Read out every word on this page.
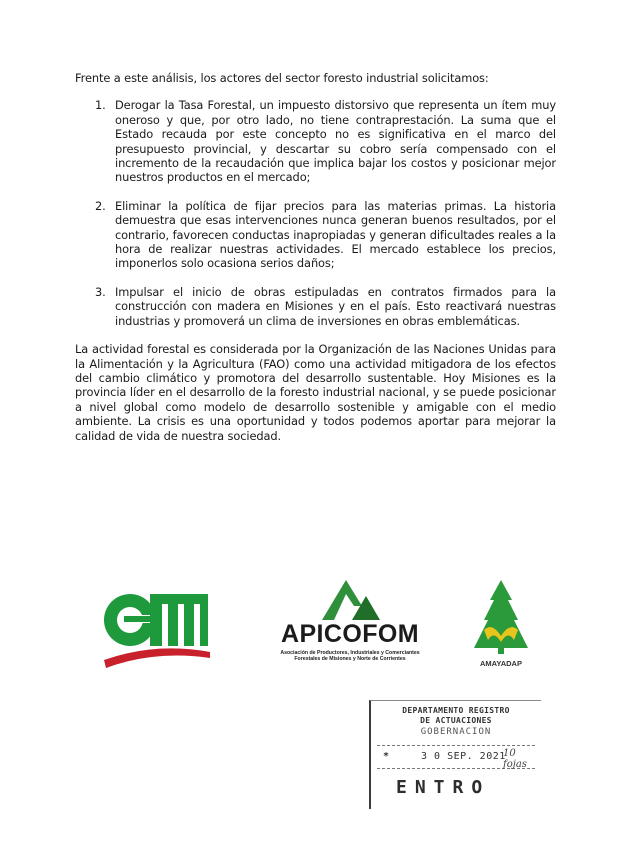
Frente a este análisis, los actores del sector foresto industrial solicitamos:

1. Derogar la Tasa Forestal, un impuesto distorsivo que representa un ítem muy oneroso y que, por otro lado, no tiene contraprestación. La suma que el Estado recauda por este concepto no es significativa en el marco del presupuesto provincial, y descartar su cobro sería compensado con el incremento de la recaudación que implica bajar los costos y posicionar mejor nuestros productos en el mercado;
2. Eliminar la política de fijar precios para las materias primas. La historia demuestra que esas intervenciones nunca generan buenos resultados, por el contrario, favorecen conductas inapropiadas y generan dificultades reales a la hora de realizar nuestras actividades. El mercado establece los precios, imponerlos solo ocasiona serios daños;
3. Impulsar el inicio de obras estipuladas en contratos firmados para la construcción con madera en Misiones y en el país. Esto reactivará nuestras industrias y promoverá un clima de inversiones en obras emblemáticas.

La actividad forestal es considerada por la Organización de las Naciones Unidas para la Alimentación y la Agricultura (FAO) como una actividad mitigadora de los efectos del cambio climático y promotora del desarrollo sustentable. Hoy Misiones es la provincia líder en el desarrollo de la foresto industrial nacional, y se puede posicionar a nivel global como modelo de desarrollo sostenible y amigable con el medio ambiente. La crisis es una oportunidad y todos podemos aportar para mejorar la calidad de vida de nuestra sociedad.

APICOFOM
Asociación de Productores, Industriales y Comerciantes
Forestales de Misiones y Norte de Corrientes	AMAYADAP
DEPARTAMENTO REGISTRO
DE ACTUACIONES
GOBERNACION
*	3 0 SEP. 2021
10 fojas
ENTRO
